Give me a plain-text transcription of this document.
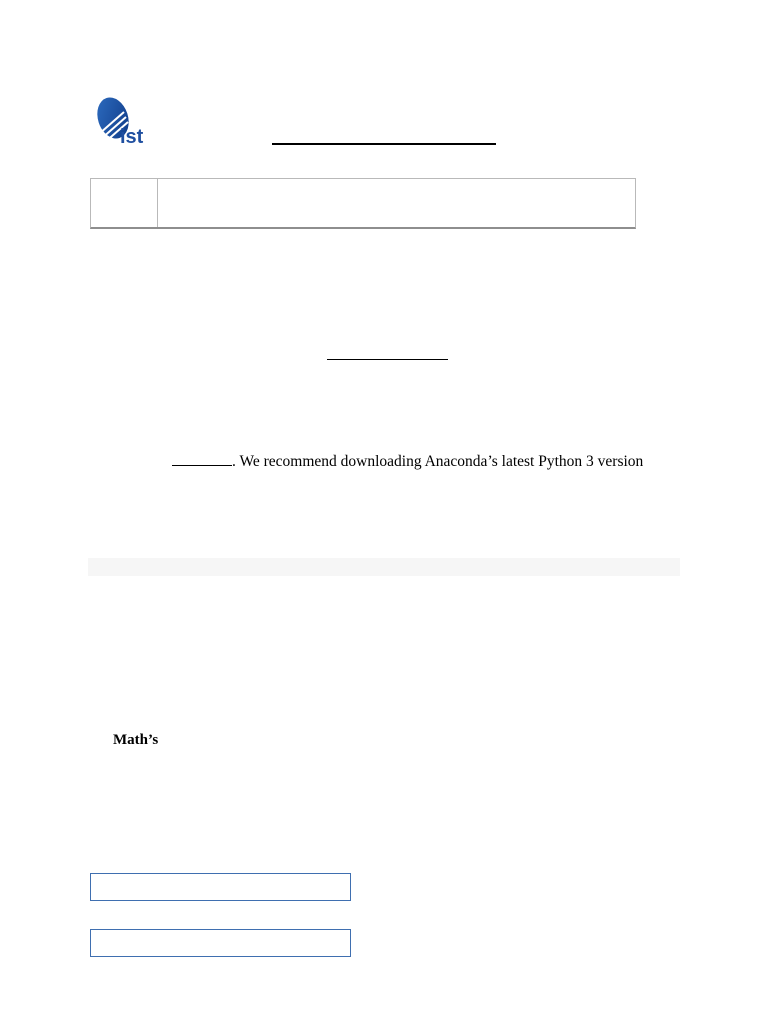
ist
. We recommend downloading Anaconda’s latest Python 3 version
Math’s
